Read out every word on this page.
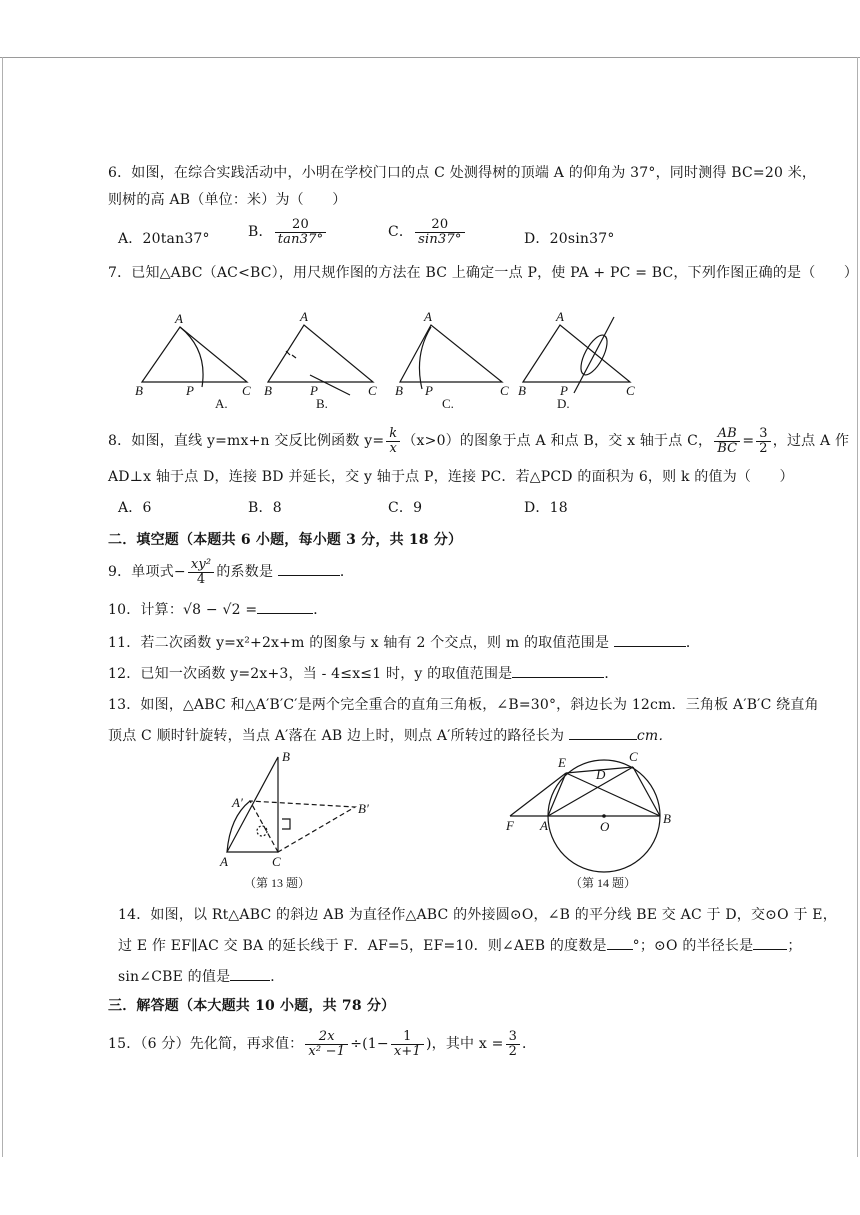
6．如图，在综合实践活动中，小明在学校门口的点 C 处测得树的顶端 A 的仰角为 37°，同时测得 BC=20 米，
则树的高 AB（单位：米）为（　　）
A．20tan37°	B． $\frac{20}{\tan 37^\circ}$	C． $\frac{20}{\sin 37^\circ}$	D．20sin37°
7．已知△ABC（AC<BC），用尺规作图的方法在 BC 上确定一点 P，使 PA + PC = BC，下列作图正确的是（　　）
A
B	P	C
A
B	P	C
A
B P	C
A
B	P	C
A.	B.	C.	D.
8．如图，直线 y=mx+n 交反比例函数 $y= \frac{k}{x} (x>0)$的图象于点 A 和点 B，交 x 轴于点 C， $\frac{AB}{BC} = \frac{3}{2}$ ，过点 A 作
AD⊥x 轴于点 D，连接 BD 并延长，交 y 轴于点 P，连接 PC．若△PCD 的面积为 6，则 k 的值为（　　）
A．6	B．8	C．9	D．18
二．填空题（本题共 6 小题，每小题 3 分，共 18 分）
9．单项式− $\frac{\text{xy²}}{4}$ 的系数是	．
10．计算：√8 − √2 =	．
11．若二次函数 y=x²+2x+m 的图象与 x 轴有 2 个交点，则 m 的取值范围是	．
12．已知一次函数 y=2x+3，当 - 4≤x≤1 时，y 的取值范围是	．
13．如图，△ABC 和△A′B′C′是两个完全重合的直角三角板，∠B=30°，斜边长为 12cm．三角板 A′B′C 绕直角
顶点 C 顺时针旋转，当点 A′落在 AB 边上时，则点 A′所转过的路径长为	cm．
B
A′	B′
A	C
（第 13 题）
E
D
C
F A	O
B
（第 14 题）
14．如图，以 Rt△ABC 的斜边 AB 为直径作△ABC 的外接圆⊙O，∠B 的平分线 BE 交 AC 于 D，交⊙O 于 E，
过 E 作 EF∥AC 交 BA 的延长线于 F．AF=5，EF=10．则∠AEB 的度数是 °；⊙O 的半径长是 ；
sin∠CBE 的值是	．
三．解答题（本大题共 10 小题，共 78 分）
15．（6 分）先化简，再求值： $\frac{2x}{\text{x² −1}} \div(1- \frac{1}{x+1}$ )，其中 $x = \frac{3}{2}$ ．
